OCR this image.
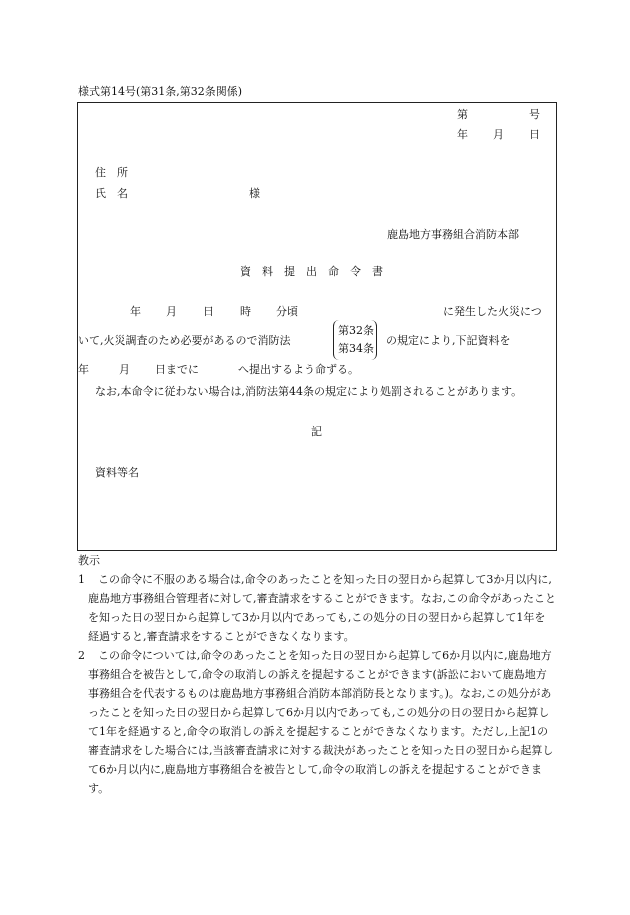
様式第14号(第31条,第32条関係)
第	号
年 月 日
住　所
氏　名	様
鹿島地方事務組合消防本部
資　料　提　出　命　令　書
年 月 日 時 分頃	に発生した火災につ
いて,火災調査のため必要があるので消防法
第32条
第34条
の規定により,下記資料を
年	月 日までに	へ提出するよう命ずる。
なお,本命令に従わない場合は,消防法第44条の規定により処罰されることがあります。
記
資料等名
教示

1 この命令に不服のある場合は,命令のあったことを知った日の翌日から起算して3か月以内に,鹿島地方事務組合管理者に対して,審査請求をすることができます。なお,この命令があったことを知った日の翌日から起算して3か月以内であっても,この処分の日の翌日から起算して1年を経過すると,審査請求をすることができなくなります。

2 この命令については,命令のあったことを知った日の翌日から起算して6か月以内に,鹿島地方事務組合を被告として,命令の取消しの訴えを提起することができます(訴訟において鹿島地方事務組合を代表するものは鹿島地方事務組合消防本部消防長となります。)。なお,この処分があったことを知った日の翌日から起算して6か月以内であっても,この処分の日の翌日から起算して1年を経過すると,命令の取消しの訴えを提起することができなくなります。ただし,上記1の審査請求をした場合には,当該審査請求に対する裁決があったことを知った日の翌日から起算して6か月以内に,鹿島地方事務組合を被告として,命令の取消しの訴えを提起することができます。
